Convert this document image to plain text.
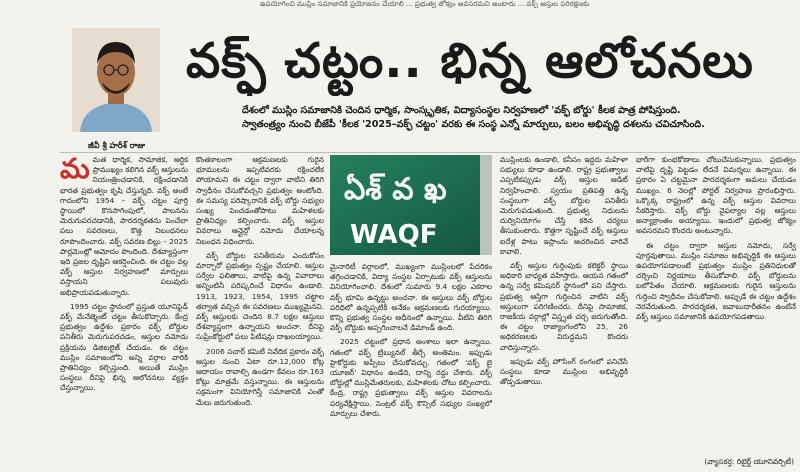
ఉపయోగించి ముస్లిం సమాజానికి ప్రయోజనం చేయాలి ... ప్రభుత్వ జోక్యం అవసరమని అంటారు ... వక్ఫ్ ఆస్తుల పరిరక్షణకు
జీవీ శ్రీ హరీశ్ రాజు
వక్ఫ్ చట్టం.. భిన్న ఆలోచనలు
దేశంలో ముస్లిం సమాజానికి చెందిన ధార్మిక, సాంస్కృతిక, విద్యాసంస్థల నిర్వహణలో 'వక్ఫ్ బోర్డు' కీలక పాత్ర పోషిస్తుంది.
స్వాతంత్ర్యం నుంచి బీజేపీ 'కీలక '2025–వక్ఫ్ చట్టం' వరకు ఈ సంస్థ ఎన్నో మార్పులు, బలం అభివృద్ధి దశలను చవిచూసింది.

మమత ధార్మిక, సామాజిక, ఆర్థిక ప్రాముఖ్యం కలిగిన వక్ఫ్ ఆస్తులను నియంత్రించడానికి, రక్షించడానికి భారత ప్రభుత్వం కృషి చేస్తున్నది. వక్ఫ్ అంటే గాదంలోని 1954 – వక్ఫ్ చట్టం పూర్తి స్థాయిలో కొనసాగింపులో, పాలనను మెరుగుపరచడానికి, పారదర్శకతను పెంచేలా పలు సవరణలు, కొత్త నిబంధనలు రూపొందించారు. వక్ఫ్ సవరణ బిల్లు – 2025 పార్లమెంట్లో ఆమోదం పొందింది. దేశవ్యాప్తంగా ఇది ప్రజల దృష్టిని ఆకర్షించింది. ఈ చట్టం వల్ల వక్ఫ్ ఆస్తుల నిర్వహణలో మార్పులు వస్తాయని పలువురు అభిప్రాయపడుతున్నారు.

1995 చట్టం స్థానంలో ప్రస్తుత యూనిఫైడ్ వక్ఫ్ మేనేజ్మెంట్ చట్టం తీసుకొచ్చారు. కేంద్ర ప్రభుత్వం ఉద్దేశం ప్రకారం వక్ఫ్ బోర్డుల పనితీరు మెరుగుపరచడం, ఆస్తుల నమోదు ప్రక్రియను డిజిటలైజ్ చేయడం. ఈ చట్టం ముస్లిం సమాజంలోని అన్ని వర్గాల వారికి ప్రాతినిధ్యం కల్పిస్తుంది. అయితే ముస్లిం సంస్థలు దీనిపై భిన్న ఆలోచనలు వ్యక్తం చేస్తున్నాయి.

కొంతకాలంగా ఆక్రమణలకు గురైన భూములను ఇప్పటివరకు రక్షించలేక పోయామని ఈ చట్టం ద్వారా వాటిని తిరిగి స్వాధీనం చేసుకోవచ్చని ప్రభుత్వం అంటోంది. ఈ సమస్య పరిష్కారానికి వక్ఫ్ బోర్డు సభ్యుల సంఖ్య పెంచడంతోపాటు మహిళలకు ప్రాతినిధ్యం కల్పించారు. వక్ఫ్ ఆస్తుల వివరాలు ఆన్లైన్లో నమోదు చేయాలన్న నిబంధన విధించారు.

వక్ఫ్ బోర్డుల పనితీరును ఎందుకోసం మార్చారో ప్రభుత్వం స్పష్టం చేయాలి. ఆస్తుల సర్వేల ఫలితాలు, వాటిపై ఉన్న వివాదాలు అన్నింటినీ పరిష్కరించే విధానం ఉండాలి. 1913, 1923, 1954, 1995 చట్టాల తర్వాత వచ్చిన ఈ సవరణలు ముఖ్యమైనవి. వక్ఫ్ ఆస్తులకు చెందిన 8.7 లక్షల ఆస్తులు దేశవ్యాప్తంగా ఉన్నాయని అంచనా. దీనిపై సుప్రీంకోర్టులో పలు పిటిషన్లు దాఖలయ్యాయి.

2006 సచార్ కమిటీ నివేదిక ప్రకారం వక్ఫ్ ఆస్తుల నుంచి ఏటా రూ.12,000 కోట్ల ఆదాయం రావాల్సి ఉండగా కేవలం రూ.163 కోట్లు మాత్రమే వస్తున్నాయి. ఈ ఆస్తులను సక్రమంగా వినియోగిస్తే సమాజానికి ఎంతో మేలు జరుగుతుంది.

ఏశ్ వ ఖ
WAQF

మైనారిటీ వర్గాలలో, ముఖ్యంగా ముస్లింలలో పేదరికం తగ్గించడానికి, విద్యా సంస్థల ఏర్పాటుకు వక్ఫ్ ఆస్తులను వినియోగించాలి. దేశంలో సుమారు 9.4 లక్షల ఎకరాల వక్ఫ్ భూమి ఉన్నట్టు అంచనా. ఈ ఆస్తులు వక్ఫ్ బోర్డుల పరిధిలో ఉన్నప్పటికీ అనేకం ఆక్రమణలకు గురయ్యాయి. కొన్ని ప్రభుత్వ సంస్థల ఆధీనంలో ఉన్నాయి. వీటిని తిరిగి వక్ఫ్ బోర్డుకు అప్పగించాలనే డిమాండ్ ఉంది.

2025 చట్టంలో ప్రధాన అంశాలు ఇలా ఉన్నాయి. గతంలో వక్ఫ్ ట్రిబ్యునల్ తీర్పే అంతిమం. ఇప్పుడు హైకోర్టుకు అప్పీలు చేసుకోవచ్చు. గతంలో 'వక్ఫ్ బై యూజర్' విధానం ఉండేది, దాన్ని రద్దు చేశారు. వక్ఫ్ బోర్డుల్లో ముస్లిమేతరులకు, మహిళలకు చోటు కల్పించారు. కేంద్ర, రాష్ట్ర ప్రభుత్వాలు వక్ఫ్ ఆస్తుల వివరాలను పర్యవేక్షిస్తాయి. సెంట్రల్ వక్ఫ్ కౌన్సిల్ సభ్యుల సంఖ్యలో మార్పులు చేశారు.

ముస్లింలకు ఉండాలి, కనీసం ఇద్దరు మహిళా సభ్యులు కూడా ఉండాలి. రాష్ట్ర ప్రభుత్వాలు ఎప్పటికప్పుడు వక్ఫ్ ఆస్తుల ఆడిట్ నిర్వహించాలి. స్వయం ప్రతిపత్తి ఉన్న సంస్థలుగా వక్ఫ్ బోర్డుల పనితీరు మెరుగుపడుతుంది. ప్రభుత్వ నిధులను దుర్వినియోగం చేస్తే కఠిన చర్యలు తీసుకుంటారు. కొత్తగా సృష్టించే వక్ఫ్ ఆస్తులు ఐదేళ్ల పాటు ఇస్లాంను ఆచరించిన వారివే కావాలి.

వక్ఫ్ ఆస్తుల గుర్తింపుకు కలెక్టర్ స్థాయి అధికారి బాధ్యత వహిస్తారు. ఆయన గతంలో ఉన్న సర్వే కమిషనర్ స్థానంలో పని చేస్తారు. ప్రభుత్వ ఆస్తిగా గుర్తించిన వాటిని వక్ఫ్ ఆస్తులుగా పరిగణించరు. దీనిపై సామాజిక, రాజకీయ వర్గాల్లో విస్తృత చర్చ జరుగుతోంది. ఈ చట్టం రాజ్యాంగంలోని 25, 26 అధికరణలకు విరుద్ధమని కొందరు వాదిస్తున్నారు.

ఇప్పుడు వక్ఫ్ హౌసింగ్ రంగంలో పనిచేసే సంస్థలు కూడా ముస్లింల అభివృద్ధికి తోడ్పడుతాయి.

భారీగా కుంభకోణాలు చోటుచేసుకున్నాయి. ప్రభుత్వం వాటిపై దృష్టి పెట్టడం లేదనే విమర్శలు ఉన్నాయి. ఈ ప్రకారం ఏ చట్టమైనా పారదర్శకంగా అమలు చేయడం ముఖ్యం. 6 నెలల్లో పోర్టల్ నిర్వహణ ప్రారంభిస్తారు. ఒక్కొక్క రాష్ట్రంలో ఉన్న వక్ఫ్ ఆస్తుల వివరాలు సేకరిస్తారు. వక్ఫ్ బోర్డు వైఫల్యాల వల్ల ఆస్తులు అన్యాక్రాంతం అయ్యాయి. ఇందులో ప్రభుత్వ జోక్యం అవసరమని కొందరు అంటున్నారు.

ఈ చట్టం ద్వారా ఆస్తుల నమోదు, సర్వే పూర్తవుతాయి. ముస్లిం సమాజం అభివృద్ధికి ఈ ఆస్తులు ఉపయోగపడాలంటే ప్రభుత్వం ముస్లిం ప్రతినిధులతో చర్చించి నిర్ణయాలు తీసుకోవాలి. వక్ఫ్ బోర్డులను బలోపేతం చేయాలి. ఆక్రమణలకు గురైన ఆస్తులను గుర్తించి స్వాధీనం చేసుకోవాలి. అప్పుడే ఈ చట్టం ఉద్దేశం నెరవేరుతుంది. పారదర్శకత, జవాబుదారీతనం ఉంటేనే వక్ఫ్ ఆస్తులు సమాజానికి ఉపయోగపడతాయి.

(వ్యాసకర్త: రిటైర్డ్ యూనివర్సిటీ)
